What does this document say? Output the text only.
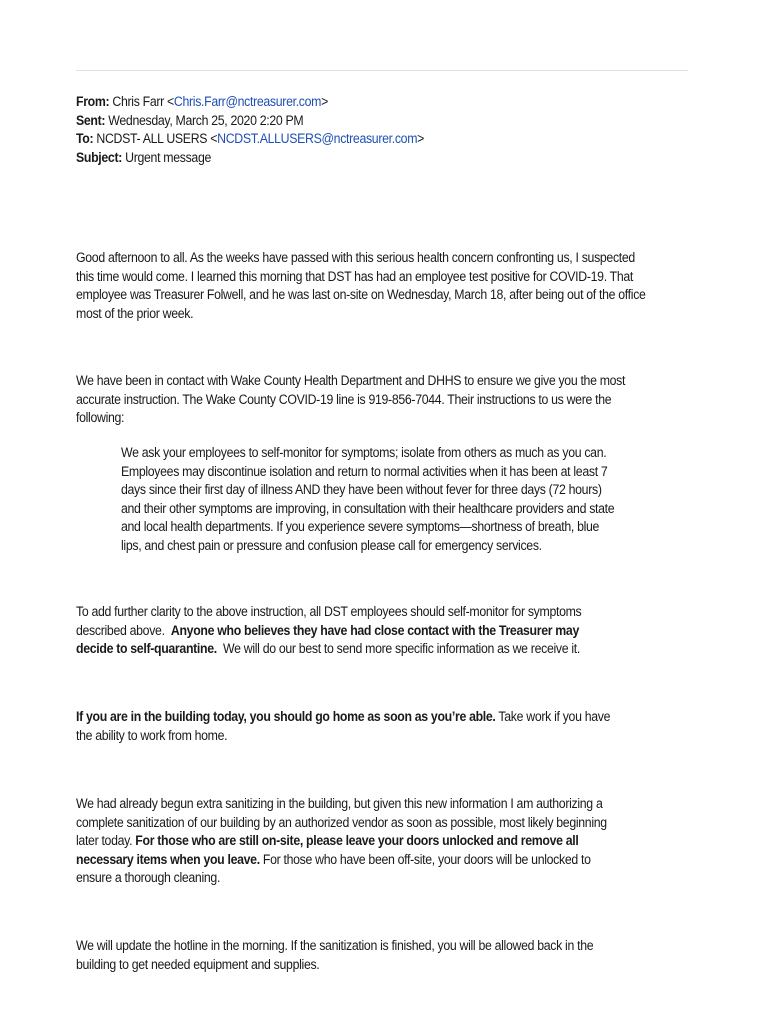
From: Chris Farr <Chris.Farr@nctreasurer.com>
Sent: Wednesday, March 25, 2020 2:20 PM
To: NCDST- ALL USERS <NCDST.ALLUSERS@nctreasurer.com>
Subject: Urgent message
Good afternoon to all. As the weeks have passed with this serious health concern confronting us, I suspected
this time would come. I learned this morning that DST has had an employee test positive for COVID-19. That
employee was Treasurer Folwell, and he was last on-site on Wednesday, March 18, after being out of the office
most of the prior week.
We have been in contact with Wake County Health Department and DHHS to ensure we give you the most
accurate instruction. The Wake County COVID-19 line is 919-856-7044. Their instructions to us were the
following:
We ask your employees to self-monitor for symptoms; isolate from others as much as you can.
Employees may discontinue isolation and return to normal activities when it has been at least 7
days since their first day of illness AND they have been without fever for three days (72 hours)
and their other symptoms are improving, in consultation with their healthcare providers and state
and local health departments. If you experience severe symptoms—shortness of breath, blue
lips, and chest pain or pressure and confusion please call for emergency services.
To add further clarity to the above instruction, all DST employees should self-monitor for symptoms
described above.  Anyone who believes they have had close contact with the Treasurer may
decide to self-quarantine.  We will do our best to send more specific information as we receive it.
If you are in the building today, you should go home as soon as you’re able. Take work if you have
the ability to work from home.
We had already begun extra sanitizing in the building, but given this new information I am authorizing a
complete sanitization of our building by an authorized vendor as soon as possible, most likely beginning
later today. For those who are still on-site, please leave your doors unlocked and remove all
necessary items when you leave. For those who have been off-site, your doors will be unlocked to
ensure a thorough cleaning.
We will update the hotline in the morning. If the sanitization is finished, you will be allowed back in the
building to get needed equipment and supplies.
